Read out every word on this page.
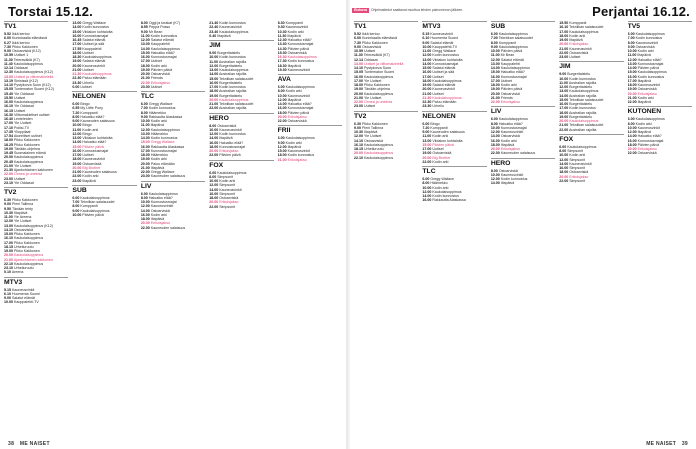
Torstai 15.12.
TV1

5.52 Ikkä kertoo

6.00 Kuninkaalla elämässä

6.27 Ikkä kertoo

7.30 Pikku Kakkonen

9.00 Ostoarviskä (K12)

10.59 Uutiset 1

11.30 Teleraväklä (K7)

11.40 Kaukolaisoppimus

12.14 Oddasat

12.30 Kaukolaisoppimus (K12)

13.00 Uutiset ja viittomakielellä

13.19 Sinisissä (K12)

14.10 Pystykorva Suon (K12)

15.05 Tuntematon Suomi (K12)

15.40 Yle Oddasat

15.50 Uutiset

16.00 Kaukolaisoppimus

16.10 Yle Oddasat

16.15 Uutiset

16.30 Viittomakieliset uutiset

16.40 Lenteleiden

17.00 Yle Uutiset

17.10 Poliisi-TV

17.35 Ylioppilaat

17.54 Alueelliset uutiset

18.00 Pikku Kakkonen

18.25 Pikku Kakkonen

19.00 Tänään-ohjelma

19.45 Suomalainen elämä

20.00 Kaukolaisoppimus

20.45 Kaukolaisoppimus

21.00 Yle Uutiset

21.30 Ajankohtainen kakkonen

22.00 Onnea ja unelmia

23.00 Uutiset

23.10 Yle Oddasat

TV2

6.30 Pikku Kakkonen

9.00 Pieni Tallinna

9.50 Tänään tehty

10.30 Iltapäivä

11.00 Yle Areena

12.00 Yle Uutiset

13.00 Kaukolaisoppimus (K12)

14.10 Ostoarviskä

15.00 Pikku Kakkonen

16.10 Kaukolaisoppimus

17.00 Pikku Kakkonen

18.15 Urheiluruutu

19.00 Pikku Kakkonen

20.00 Kaukolaisoppimus

21.00 Ajankohtainen kakkonen

22.10 Kaukolaisoppimus

23.10 Urheiluruutu

0.10 Areena

MTV3

5.15 Kauneusvinkit

6.10 Huomenta Suomi

9.00 Salatut elämät

10.00 Kauppalehti-TV

13.00 Gregg Wallace

14.00 Kodin kunnostus

15.00 Viidakon kohtaloita

16.00 Kunnostusmajat

16.45 Salatut elämät

17.00 Uutiset ja sää

17.55 Kauppalehti

18.00 Uutiset

18.30 Kaukolaisoppimus

19.00 Salatut elämät

20.00 Kauneusvinkit

21.00 Uutiset

21.30 Kaukolaisoppimus

22.30 Paluu elämään

23.30 Urheilu

0.00 Uutiset

NELONEN

6.00 Bingo

6.55 My Little Pony

7.20 Kumppanit

8.00 Haluatko elää?

9.00 Kauneuden salaisuus

10.00 Bingo

11.00 Kodin arki

12.00 Bingo

13.00 Viidakon kohtaloita

14.00 Haluatko elää?

15.00 Päivien päivä

16.00 Kunnostusmajat

17.00 Uutiset

18.00 Kauneusvinkit

19.00 Ostoarviskä

20.00 Big Brother

21.00 Kauneuden salaisuus

22.00 Kodin arki

23.00 Iltapäivä

SUB

6.00 Kaukolaisoppimus

7.00 Tekniikan salaisuudet

8.00 Kumppanit

9.00 Kaukolaisoppimus

10.00 Päivien päivä

8.00 Oggi ja torakat (K7)

8.55 Peppa Possu

9.00 Mr Bean

11.00 Kodin kunnostus

12.00 Salatut elämät

13.00 Kauppalehti

14.00 Kaukolaisoppimus

15.00 Haluatko elää?

16.00 Kunnostusmajat

17.00 Uutiset

18.00 Kodin arki

19.00 Päivien päivä

20.00 Ostoarviskä

21.00 Friends

22.00 Erikoisjakso

23.00 Uutiset

TLC

6.00 Gregg Wallace

7.00 Kodin kunnostus

8.00 Häämekko

9.00 Rakkautta Alaskassa

10.00 Kodin arki

11.00 Iltapäivä

12.00 Kaukolaisoppimus

13.00 Häämekko

14.00 Kodin kunnostus

15.00 Gregg Wallace

16.00 Rakkautta Alaskassa

17.00 Kunnostusmajat

18.00 Häämekko

19.00 Kodin arki

20.00 Paluu elämään

21.00 Iltapäivä

22.00 Gregg Wallace

23.00 Kauneuden salaisuus

LIV

6.00 Kaukolaisoppimus

8.00 Haluatko elää?

10.00 Kunnostusmajat

12.00 Kauneusvinkit

14.00 Ostoarviskä

16.00 Kodin arki

18.00 Iltapäivä

20.00 Erikoisjakso

22.00 Kauneuden salaisuus

21.40 Kodin kunnostus

22.40 Kauneusvinkit

23.40 Kaukolaisoppimus

0.40 Iltapäivä

JIM

9.00 Burgeritaistelu

10.00 Kodin kunnostus

11.00 Australian rajoilla

12.00 Burgeritaistelu

13.00 Kaukolaisoppimus

14.00 Australian rajoilla

15.00 Tekniikan salaisuudet

16.00 Burgeritaistelu

17.00 Kodin kunnostus

18.00 Australian rajoilla

19.00 Burgeritaistelu

20.00 Kaukolaisoppimus

21.00 Tekniikan salaisuudet

22.00 Australian rajoilla

HERO

8.00 Ostoarviskä

10.00 Kauneusvinkit

12.00 Kodin kunnostus

14.00 Iltapäivä

16.00 Haluatko elää?

18.00 Kunnostusmajat

20.00 Erikoisjakso

22.00 Päivien päivä

FOX

6.00 Kaukolaisoppimus

8.00 Simpsonit

10.00 Kodin arki

12.00 Simpsonit

14.00 Kauneusvinkit

16.00 Simpsonit

18.00 Ostoarviskä

20.00 Erikoisjakso

22.00 Simpsonit

8.30 Kumppanit

9.30 Kauneusvinkit

10.30 Kodin arki

11.30 Iltapäivä

12.30 Haluatko elää?

13.30 Kunnostusmajat

14.30 Päivien päivä

15.30 Ostoarviskä

16.30 Kaukolaisoppimus

17.30 Kodin kunnostus

18.30 Iltapäivä

19.30 Kauneusvinkit

AVA

6.00 Kaukolaisoppimus

8.00 Kodin arki

10.00 Kauneusvinkit

12.00 Iltapäivä

14.00 Haluatko elää?

16.00 Kunnostusmajat

18.00 Päivien päivä

20.00 Erikoisjakso

22.00 Ostoarviskä

FRII

6.00 Kaukolaisoppimus

9.00 Kodin arki

12.00 Iltapäivä

15.00 Kauneusvinkit

18.00 Kodin kunnostus

21.00 Erikoisjakso

38 ME NAISET
Elokuva	Ohjelmatiedot saattavat muuttua lehden painomenon jälkeen.	Perjantai 16.12.
TV1

5.52 Ikkä kertoo

6.00 Kuninkaalla elämässä

7.30 Pikku Kakkonen

9.00 Ostoarviskä

10.59 Uutiset

11.30 Teleraväklä (K7)

12.14 Oddasat

13.00 Uutiset ja viittomakielellä

14.10 Pystykorva Suon

15.05 Tuntematon Suomi

16.00 Kaukolaisoppimus

17.00 Yle Uutiset

18.00 Pikku Kakkonen

19.00 Tänään-ohjelma

20.00 Kaukolaisoppimus

21.00 Yle Uutiset

22.00 Onnea ja unelmia

23.00 Uutiset

TV2

6.30 Pikku Kakkonen

9.00 Pieni Tallinna

10.30 Iltapäivä

12.00 Yle Uutiset

14.10 Ostoarviskä

16.10 Kaukolaisoppimus

18.15 Urheiluruutu

20.00 Kaukolaisoppimus

22.10 Kaukolaisoppimus

MTV3

5.15 Kauneusvinkit

6.10 Huomenta Suomi

9.00 Salatut elämät

10.00 Kauppalehti-TV

11.00 Gregg Wallace

12.00 Kodin kunnostus

13.00 Viidakon kohtaloita

14.00 Kunnostusmajat

15.00 Salatut elämät

16.00 Uutiset ja sää

17.00 Uutiset

18.00 Kaukolaisoppimus

19.00 Salatut elämät

20.00 Kauneusvinkit

21.00 Uutiset

21.30 Kaukolaisoppimus

22.30 Paluu elämään

23.30 Urheilu

NELONEN

6.00 Bingo

7.20 Kumppanit

9.00 Kauneuden salaisuus

11.00 Kodin arki

13.00 Viidakon kohtaloita

15.00 Päivien päivä

17.00 Uutiset

19.00 Ostoarviskä

20.00 Big Brother

22.00 Kodin arki

TLC

6.00 Gregg Wallace

8.00 Häämekko

10.00 Kodin arki

12.00 Kaukolaisoppimus

14.00 Kodin kunnostus

16.00 Rakkautta Alaskassa

SUB

6.00 Kaukolaisoppimus

7.00 Tekniikan salaisuudet

8.00 Kumppanit

9.00 Kaukolaisoppimus

10.00 Päivien päivä

11.00 Mr Bean

12.00 Salatut elämät

13.00 Kauppalehti

14.00 Kaukolaisoppimus

15.00 Haluatko elää?

16.00 Kunnostusmajat

17.00 Uutiset

18.00 Kodin arki

19.00 Päivien päivä

20.00 Ostoarviskä

21.00 Friends

22.00 Erikoisjakso

LIV

6.00 Kaukolaisoppimus

8.00 Haluatko elää?

10.00 Kunnostusmajat

12.00 Kauneusvinkit

14.00 Ostoarviskä

16.00 Kodin arki

18.00 Iltapäivä

20.00 Erikoisjakso

22.00 Kauneuden salaisuus

HERO

8.00 Ostoarviskä

10.00 Kauneusvinkit

12.00 Kodin kunnostus

14.00 Iltapäivä

15.50 Kumppanit

16.10 Tekniikan salaisuudet

17.00 Kaukolaisoppimus

18.00 Kodin arki

19.00 Iltapäivä

20.00 Erikoisjakso

21.00 Kauneusvinkit

22.00 Ostoarviskä

23.00 Uutiset

JIM

9.00 Burgeritaistelu

10.00 Kodin kunnostus

11.00 Australian rajoilla

12.00 Burgeritaistelu

13.00 Kaukolaisoppimus

14.00 Australian rajoilla

15.00 Tekniikan salaisuudet

16.00 Burgeritaistelu

17.00 Kodin kunnostus

18.00 Australian rajoilla

19.00 Burgeritaistelu

20.00 Kaukolaisoppimus

21.00 Tekniikan salaisuudet

22.00 Australian rajoilla

FOX

6.00 Kaukolaisoppimus

8.00 Simpsonit

10.00 Kodin arki

12.00 Simpsonit

14.00 Kauneusvinkit

16.00 Simpsonit

18.00 Ostoarviskä

20.00 Erikoisjakso

22.00 Simpsonit

TV5

6.00 Kaukolaisoppimus

7.00 Kodin kunnostus

8.00 Kauneusvinkit

9.00 Ostoarviskä

10.00 Kodin arki

11.00 Iltapäivä

12.00 Haluatko elää?

13.00 Kunnostusmajat

14.00 Päivien päivä

15.00 Kaukolaisoppimus

16.00 Kodin kunnostus

17.00 Iltapäivä

18.00 Kauneusvinkit

19.00 Ostoarviskä

20.00 Erikoisjakso

21.00 Kodin arki

22.00 Iltapäivä

KUTONEN

6.00 Kaukolaisoppimus

8.00 Kodin arki

10.00 Kauneusvinkit

12.00 Iltapäivä

14.00 Haluatko elää?

16.00 Kunnostusmajat

18.00 Päivien päivä

20.00 Erikoisjakso

22.00 Ostoarviskä

ME NAISET 39
